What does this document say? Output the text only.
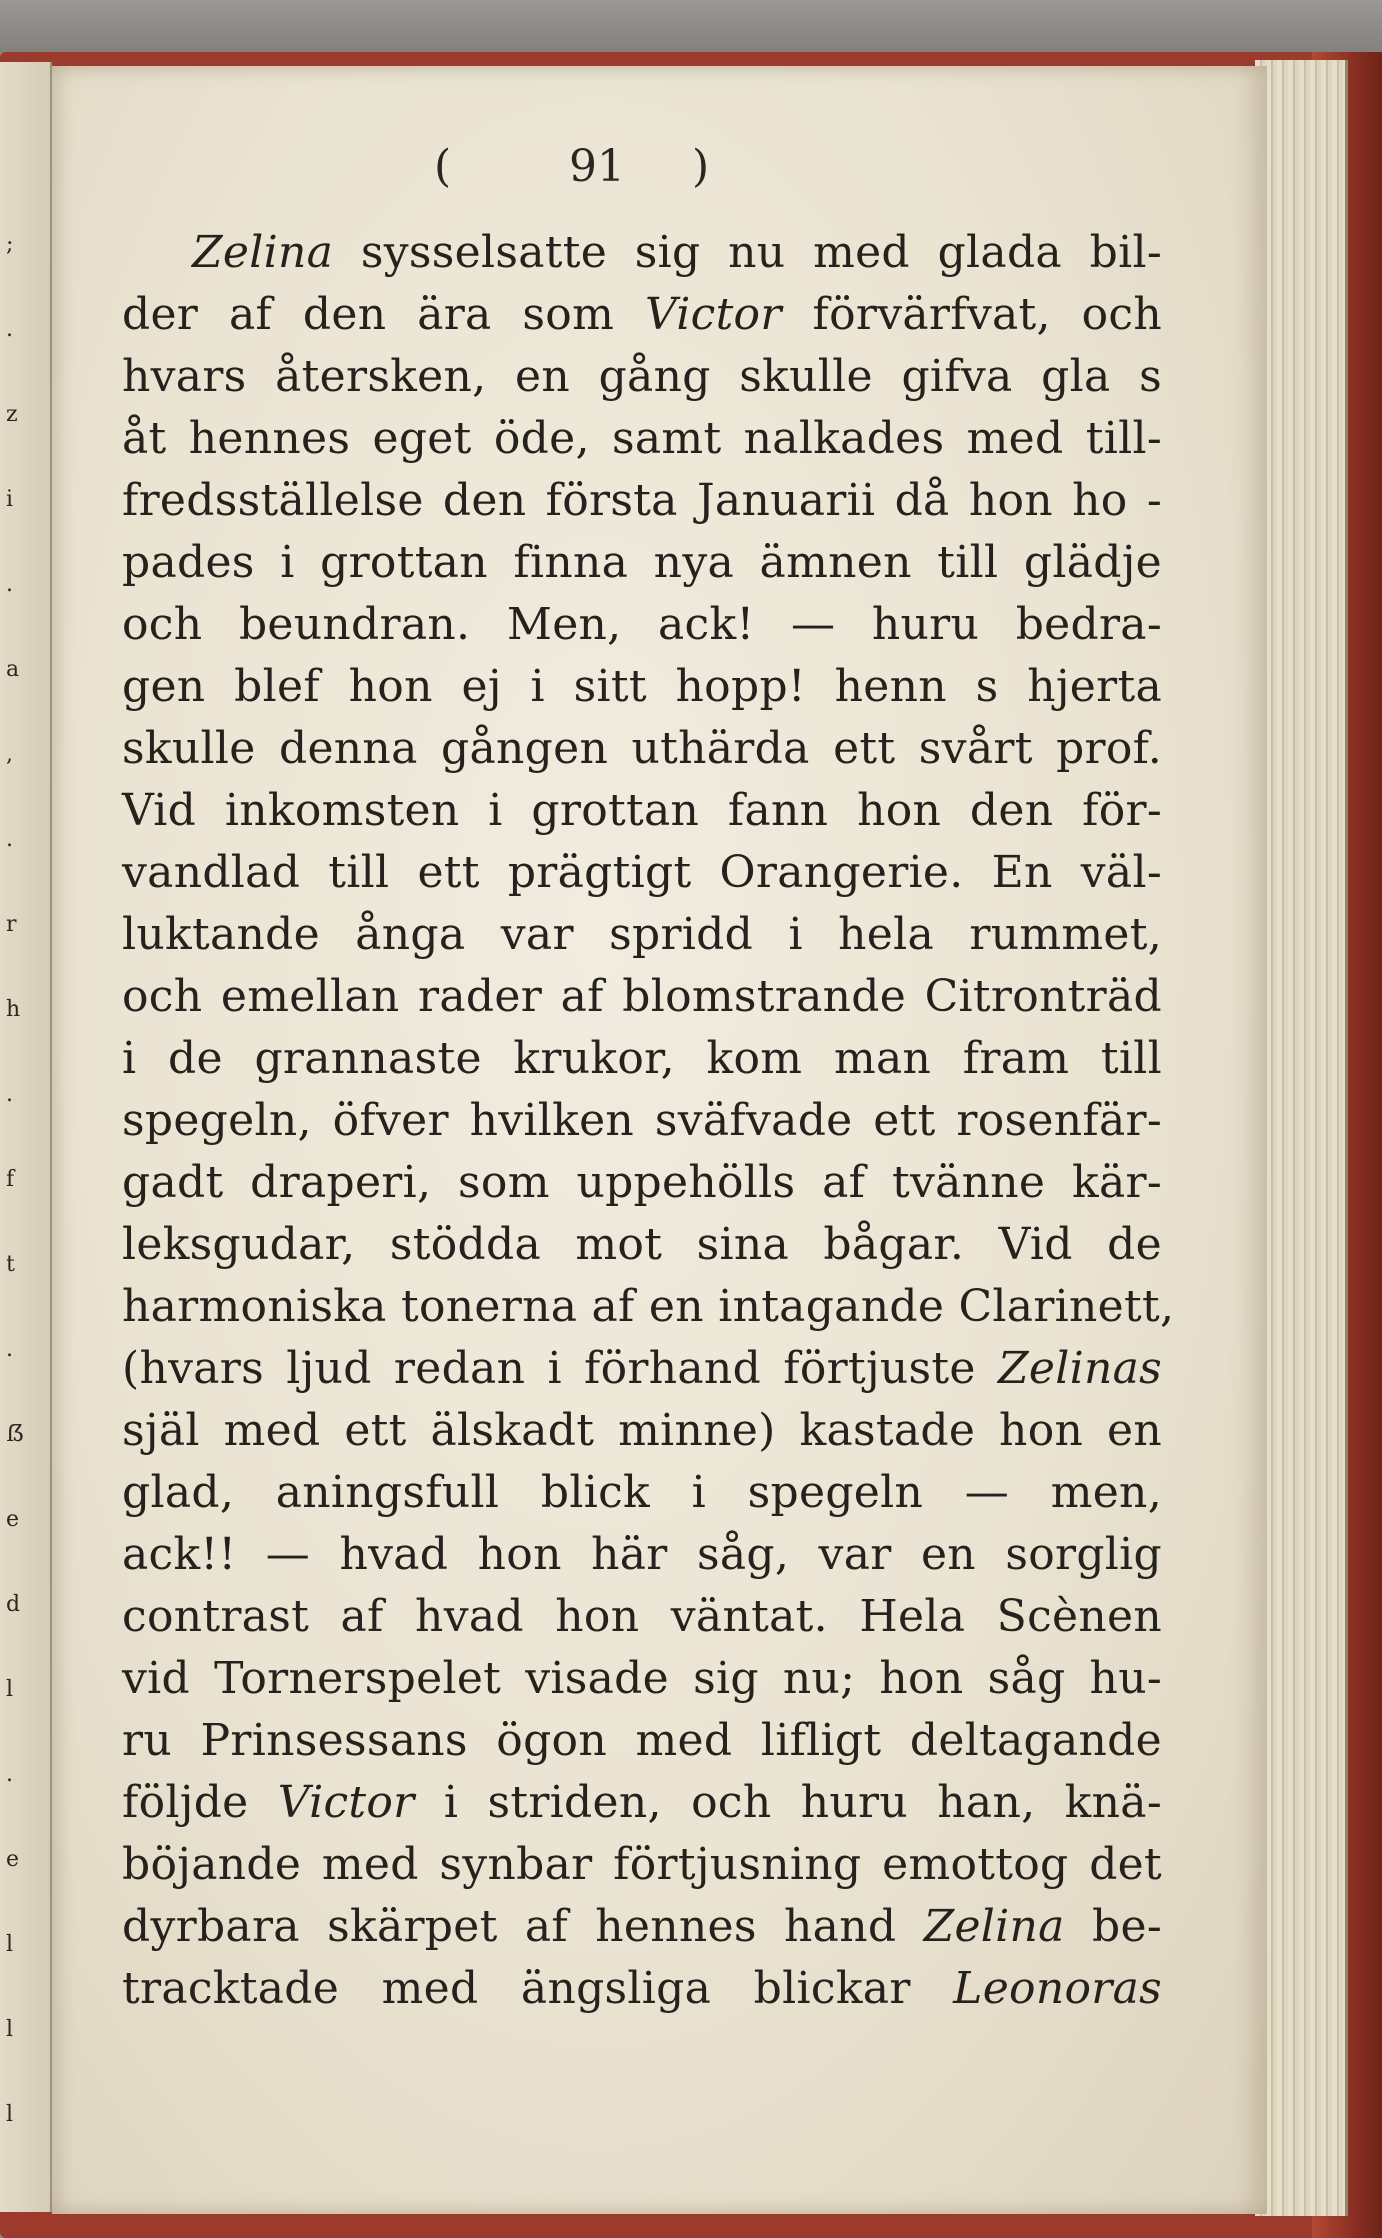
;
.
z
i
.
a
,
.
r
h
.
f
t
.
ẞ
e
d
l
.
e
l
l
l
(	91 )

Zelina sysselsatte sig nu med glada bil-

der af den ära som Victor förvärfvat, och

hvars återsken, en gång skulle gifva gla s

åt hennes eget öde, samt nalkades med till-

fredsställelse den första Januarii då hon ho -

pades i grottan finna nya ämnen till glädje

och beundran. Men, ack! — huru bedra-

gen blef hon ej i sitt hopp! henn s hjerta

skulle denna gången uthärda ett svårt prof.

Vid inkomsten i grottan fann hon den för-

vandlad till ett prägtigt Orangerie. En väl-

luktande ånga var spridd i hela rummet,

och emellan rader af blomstrande Citronträd

i de grannaste krukor, kom man fram till

spegeln, öfver hvilken sväfvade ett rosenfär-

gadt draperi, som uppehölls af tvänne kär-

leksgudar, stödda mot sina bågar. Vid de

harmoniska tonerna af en intagande Clarinett,

(hvars ljud redan i förhand förtjuste Zelinas

själ med ett älskadt minne) kastade hon en

glad, aningsfull blick i spegeln — men,

ack!! — hvad hon här såg, var en sorglig

contrast af hvad hon väntat. Hela Scènen

vid Tornerspelet visade sig nu; hon såg hu-

ru Prinsessans ögon med lifligt deltagande

följde Victor i striden, och huru han, knä-

böjande med synbar förtjusning emottog det

dyrbara skärpet af hennes hand Zelina be-

tracktade med ängsliga blickar Leonoras
